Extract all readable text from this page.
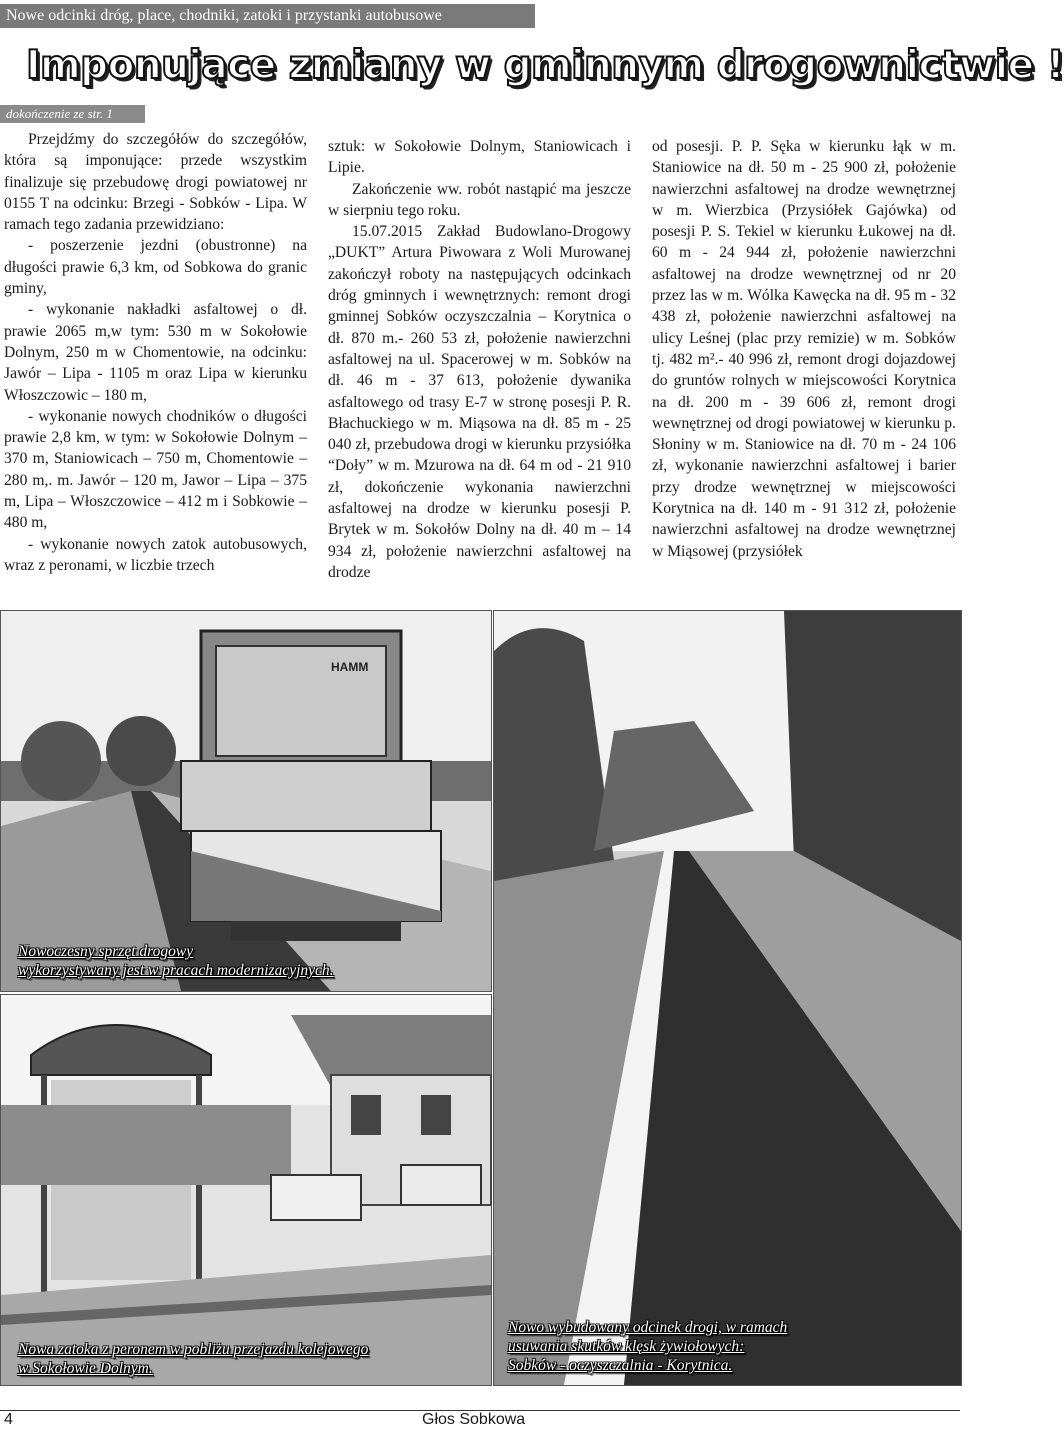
Nowe odcinki dróg, place, chodniki, zatoki i przystanki autobusowe
Imponujące zmiany w gminnym drogownictwie !
dokończenie ze str. 1

Przejdźmy do szczegółów do szczegółów, która są imponujące: przede wszystkim finalizuje się przebudowę drogi powiatowej nr 0155 T na odcinku: Brzegi - Sobków - Lipa. W ramach tego zadania przewidziano:

- poszerzenie jezdni (obustronne) na długości prawie 6,3 km, od Sobkowa do granic gminy,

- wykonanie nakładki asfaltowej o dł. prawie 2065 m,w tym: 530 m w Sokołowie Dolnym, 250 m w Chomentowie, na odcinku: Jawór – Lipa - 1105 m oraz Lipa w kierunku Włoszczowic – 180 m,

- wykonanie nowych chodników o długości prawie 2,8 km, w tym: w Sokołowie Dolnym – 370 m, Staniowicach – 750 m, Chomentowie – 280 m,. m. Jawór – 120 m, Jawor – Lipa – 375 m, Lipa – Włoszczowice – 412 m i Sobkowie – 480 m,

- wykonanie nowych zatok autobusowych, wraz z peronami, w liczbie trzech

sztuk: w Sokołowie Dolnym, Staniowicach i Lipie.

Zakończenie ww. robót nastąpić ma jeszcze w sierpniu tego roku.

15.07.2015 Zakład Budowlano-Drogowy „DUKT” Artura Piwowara z Woli Murowanej zakończył roboty na następujących odcinkach dróg gminnych i wewnętrznych: remont drogi gminnej Sobków oczyszczalnia – Korytnica o dł. 870 m.- 260 53 zł, położenie nawierzchni asfaltowej na ul. Spacerowej w m. Sobków na dł. 46 m - 37 613, położenie dywanika asfaltowego od trasy E-7 w stronę posesji P. R. Błachuckiego w m. Miąsowa na dł. 85 m - 25 040 zł, przebudowa drogi w kierunku przysiółka “Doły” w m. Mzurowa na dł. 64 m od - 21 910 zł, dokończenie wykonania nawierzchni asfaltowej na drodze w kierunku posesji P. Brytek w m. Sokołów Dolny na dł. 40 m – 14 934 zł, położenie nawierzchni asfaltowej na drodze

od posesji. P. P. Sęka w kierunku łąk w m. Staniowice na dł. 50 m - 25 900 zł, położenie nawierzchni asfaltowej na drodze wewnętrznej w m. Wierzbica (Przysiółek Gajówka) od posesji P. S. Tekiel w kierunku Łukowej na dł. 60 m - 24 944 zł, położenie nawierzchni asfaltowej na drodze wewnętrznej od nr 20 przez las w m. Wólka Kawęcka na dł. 95 m - 32 438 zł, położenie nawierzchni asfaltowej na ulicy Leśnej (plac przy remizie) w m. Sobków tj. 482 m².- 40 996 zł, remont drogi dojazdowej do gruntów rolnych w miejscowości Korytnica na dł. 200 m - 39 606 zł, remont drogi wewnętrznej od drogi powiatowej w kierunku p. Słoniny w m. Staniowice na dł. 70 m - 24 106 zł, wykonanie nawierzchni asfaltowej i barier przy drodze wewnętrznej w miejscowości Korytnica na dł. 140 m - 91 312 zł, położenie nawierzchni asfaltowej na drodze wewnętrznej w Miąsowej (przysiółek

HAMM
Nowoczesny sprzęt drogowy
wykorzystywany jest w pracach modernizacyjnych.
Nowa zatoka z peronem w pobliżu przejazdu kolejowego
w Sokołowie Dolnym.
Nowo wybudowany odcinek drogi, w ramach
usuwania skutków klęsk żywiołowych:
Sobków - oczyszczalnia - Korytnica.
4	Głos Sobkowa
